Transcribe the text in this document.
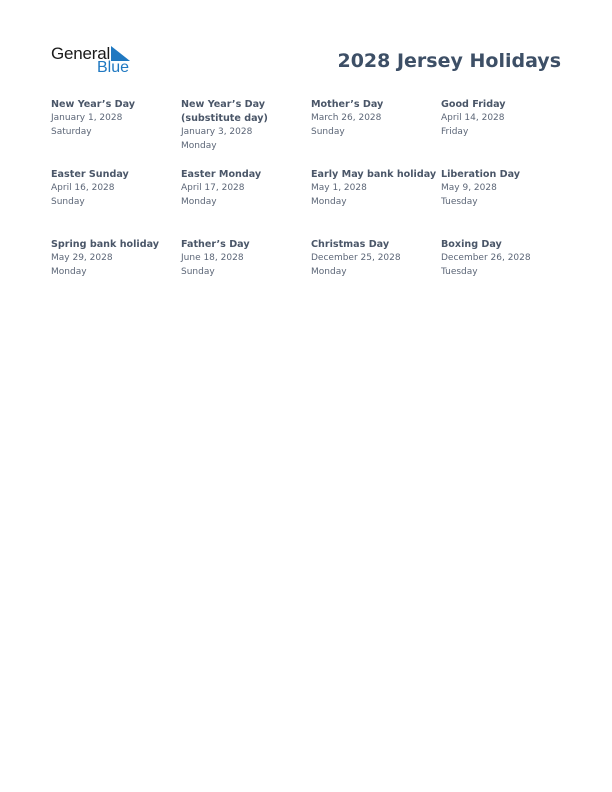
General
Blue	2028 Jersey Holidays
New Year’s Day
January 1, 2028
Saturday
New Year’s Day
(substitute day)
January 3, 2028
Monday
Mother’s Day
March 26, 2028
Sunday
Good Friday
April 14, 2028
Friday
Easter Sunday
April 16, 2028
Sunday
Easter Monday
April 17, 2028
Monday
Early May bank holiday
May 1, 2028
Monday
Liberation Day
May 9, 2028
Tuesday
Spring bank holiday
May 29, 2028
Monday
Father’s Day
June 18, 2028
Sunday
Christmas Day
December 25, 2028
Monday
Boxing Day
December 26, 2028
Tuesday
